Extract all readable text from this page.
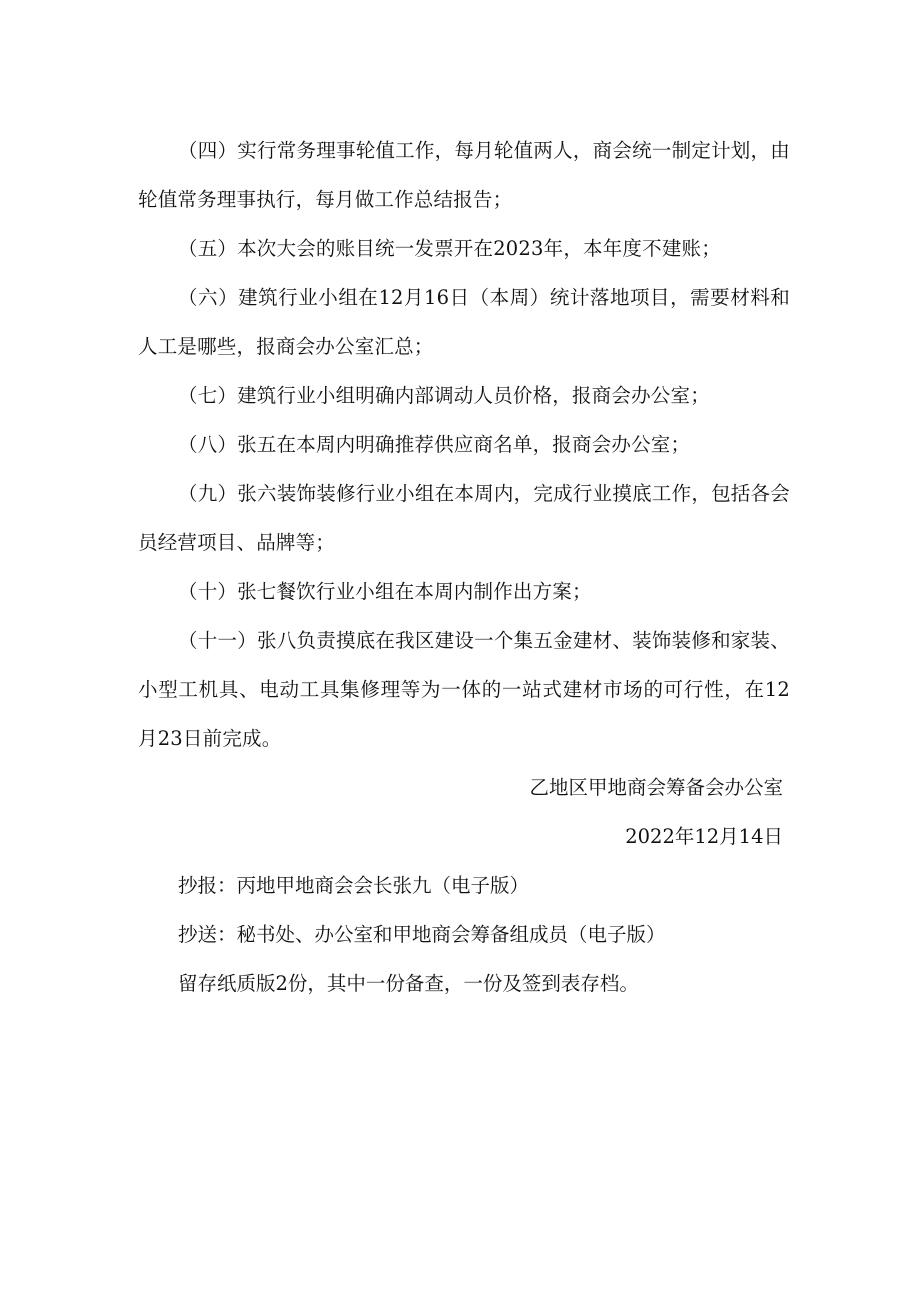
（四）实行常务理事轮值工作，每月轮值两人，商会统一制定计划，由轮值常务理事执行，每月做工作总结报告；

（五）本次大会的账目统一发票开在2023年，本年度不建账；

（六）建筑行业小组在12月16日（本周）统计落地项目，需要材料和人工是哪些，报商会办公室汇总；

（七）建筑行业小组明确内部调动人员价格，报商会办公室；

（八）张五在本周内明确推荐供应商名单，报商会办公室；

（九）张六装饰装修行业小组在本周内，完成行业摸底工作，包括各会员经营项目、品牌等；

（十）张七餐饮行业小组在本周内制作出方案；

（十一）张八负责摸底在我区建设一个集五金建材、装饰装修和家装、小型工机具、电动工具集修理等为一体的一站式建材市场的可行性，在12月23日前完成。

乙地区甲地商会筹备会办公室

2022年12月14日

抄报：丙地甲地商会会长张九（电子版）

抄送：秘书处、办公室和甲地商会筹备组成员（电子版）

留存纸质版2份，其中一份备查，一份及签到表存档。
